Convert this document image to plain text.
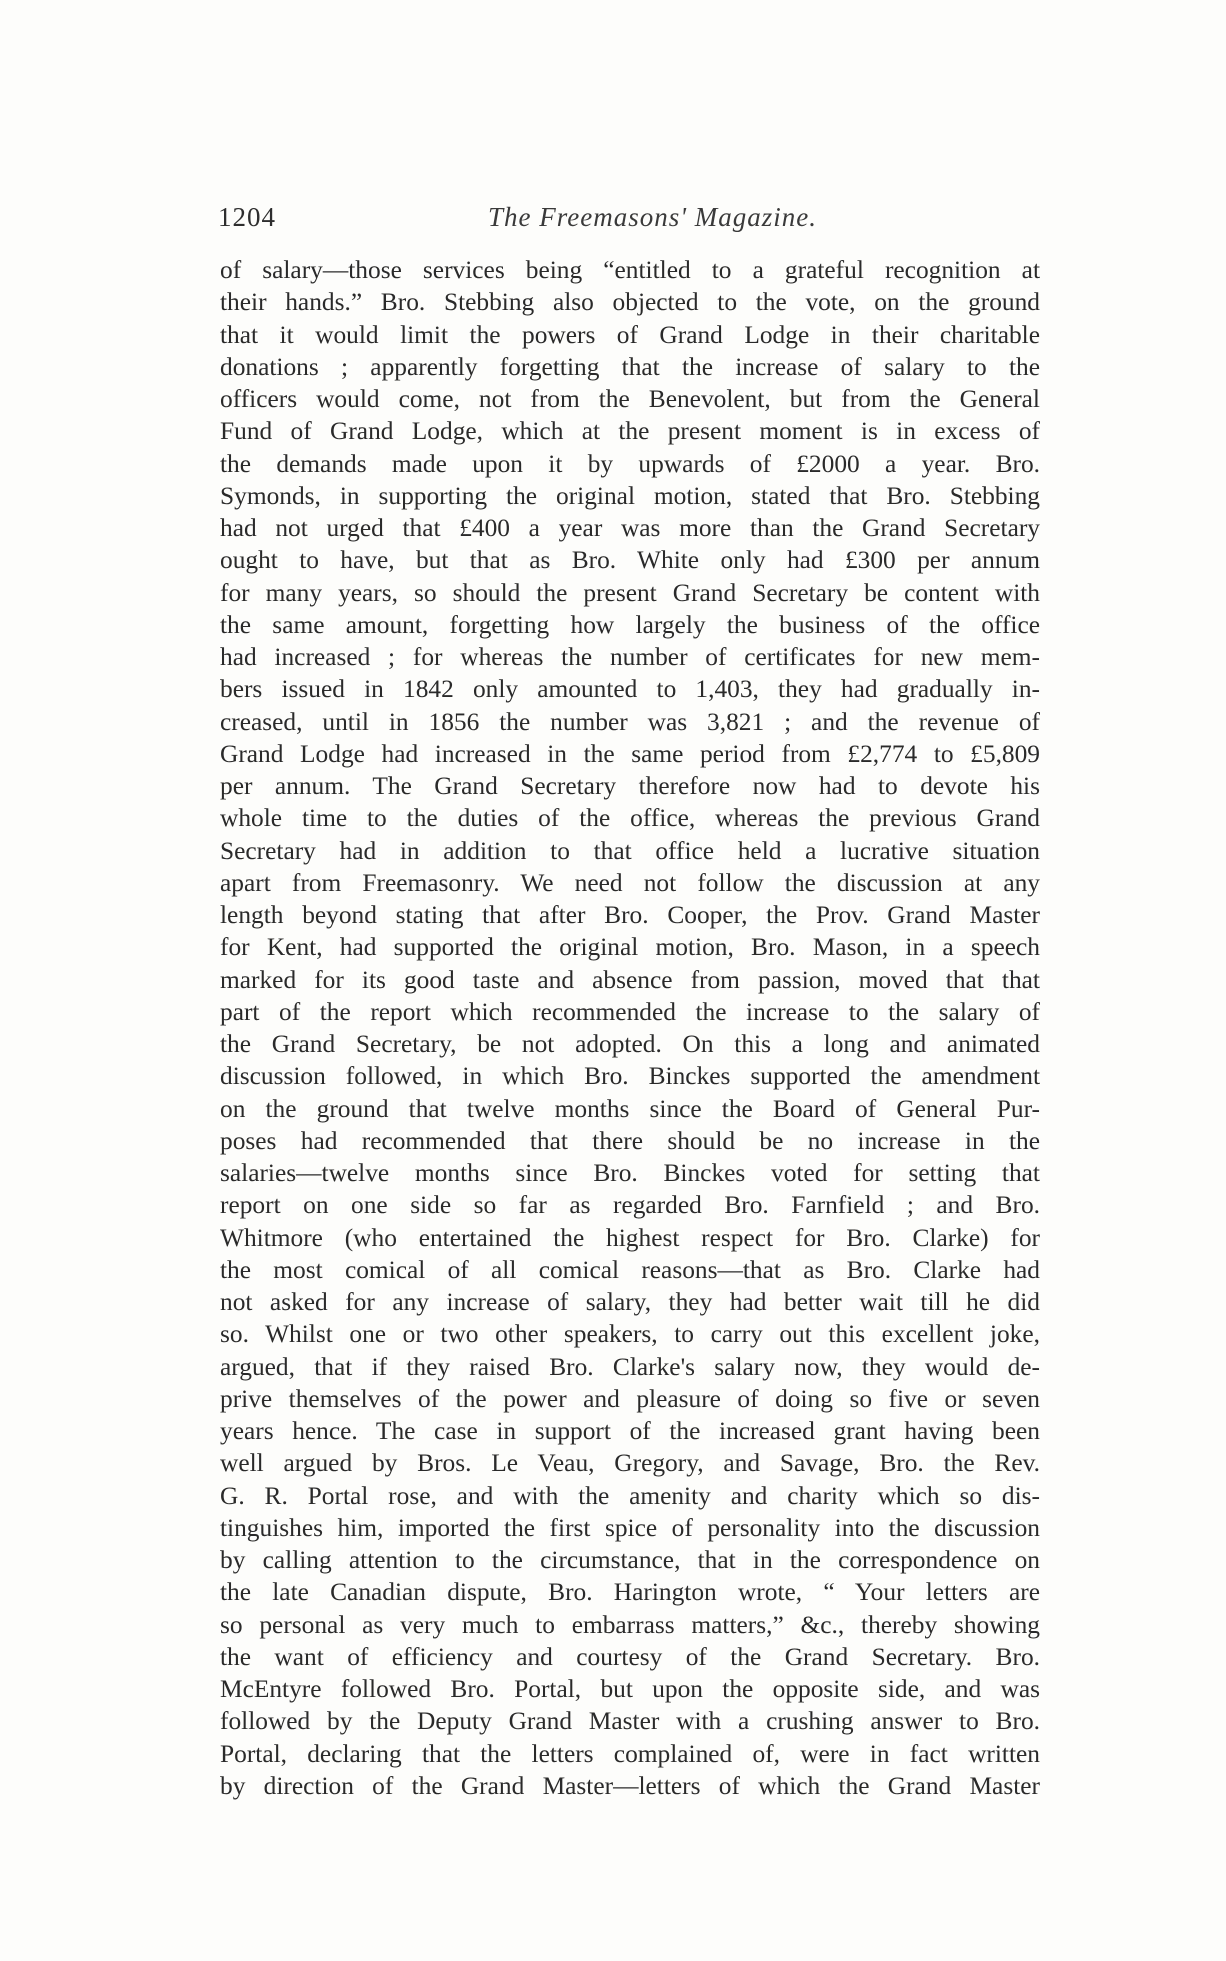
1204	The Freemasons' Magazine.
of salary—those services being “entitled to a grateful recognition at
their hands.” Bro. Stebbing also objected to the vote, on the ground
that it would limit the powers of Grand Lodge in their charitable
donations ; apparently forgetting that the increase of salary to the
officers would come, not from the Benevolent, but from the General
Fund of Grand Lodge, which at the present moment is in excess of
the demands made upon it by upwards of £2000 a year. Bro.
Symonds, in supporting the original motion, stated that Bro. Stebbing
had not urged that £400 a year was more than the Grand Secretary
ought to have, but that as Bro. White only had £300 per annum
for many years, so should the present Grand Secretary be content with
the same amount, forgetting how largely the business of the office
had increased ; for whereas the number of certificates for new mem-
bers issued in 1842 only amounted to 1,403, they had gradually in-
creased, until in 1856 the number was 3,821 ; and the revenue of
Grand Lodge had increased in the same period from £2,774 to £5,809
per annum. The Grand Secretary therefore now had to devote his
whole time to the duties of the office, whereas the previous Grand
Secretary had in addition to that office held a lucrative situation
apart from Freemasonry. We need not follow the discussion at any
length beyond stating that after Bro. Cooper, the Prov. Grand Master
for Kent, had supported the original motion, Bro. Mason, in a speech
marked for its good taste and absence from passion, moved that that
part of the report which recommended the increase to the salary of
the Grand Secretary, be not adopted. On this a long and animated
discussion followed, in which Bro. Binckes supported the amendment
on the ground that twelve months since the Board of General Pur-
poses had recommended that there should be no increase in the
salaries—twelve months since Bro. Binckes voted for setting that
report on one side so far as regarded Bro. Farnfield ; and Bro.
Whitmore (who entertained the highest respect for Bro. Clarke) for
the most comical of all comical reasons—that as Bro. Clarke had
not asked for any increase of salary, they had better wait till he did
so. Whilst one or two other speakers, to carry out this excellent joke,
argued, that if they raised Bro. Clarke's salary now, they would de-
prive themselves of the power and pleasure of doing so five or seven
years hence. The case in support of the increased grant having been
well argued by Bros. Le Veau, Gregory, and Savage, Bro. the Rev.
G. R. Portal rose, and with the amenity and charity which so dis-
tinguishes him, imported the first spice of personality into the discussion
by calling attention to the circumstance, that in the correspondence on
the late Canadian dispute, Bro. Harington wrote, “ Your letters are
so personal as very much to embarrass matters,” &c., thereby showing
the want of efficiency and courtesy of the Grand Secretary. Bro.
McEntyre followed Bro. Portal, but upon the opposite side, and was
followed by the Deputy Grand Master with a crushing answer to Bro.
Portal, declaring that the letters complained of, were in fact written
by direction of the Grand Master—letters of which the Grand Master
